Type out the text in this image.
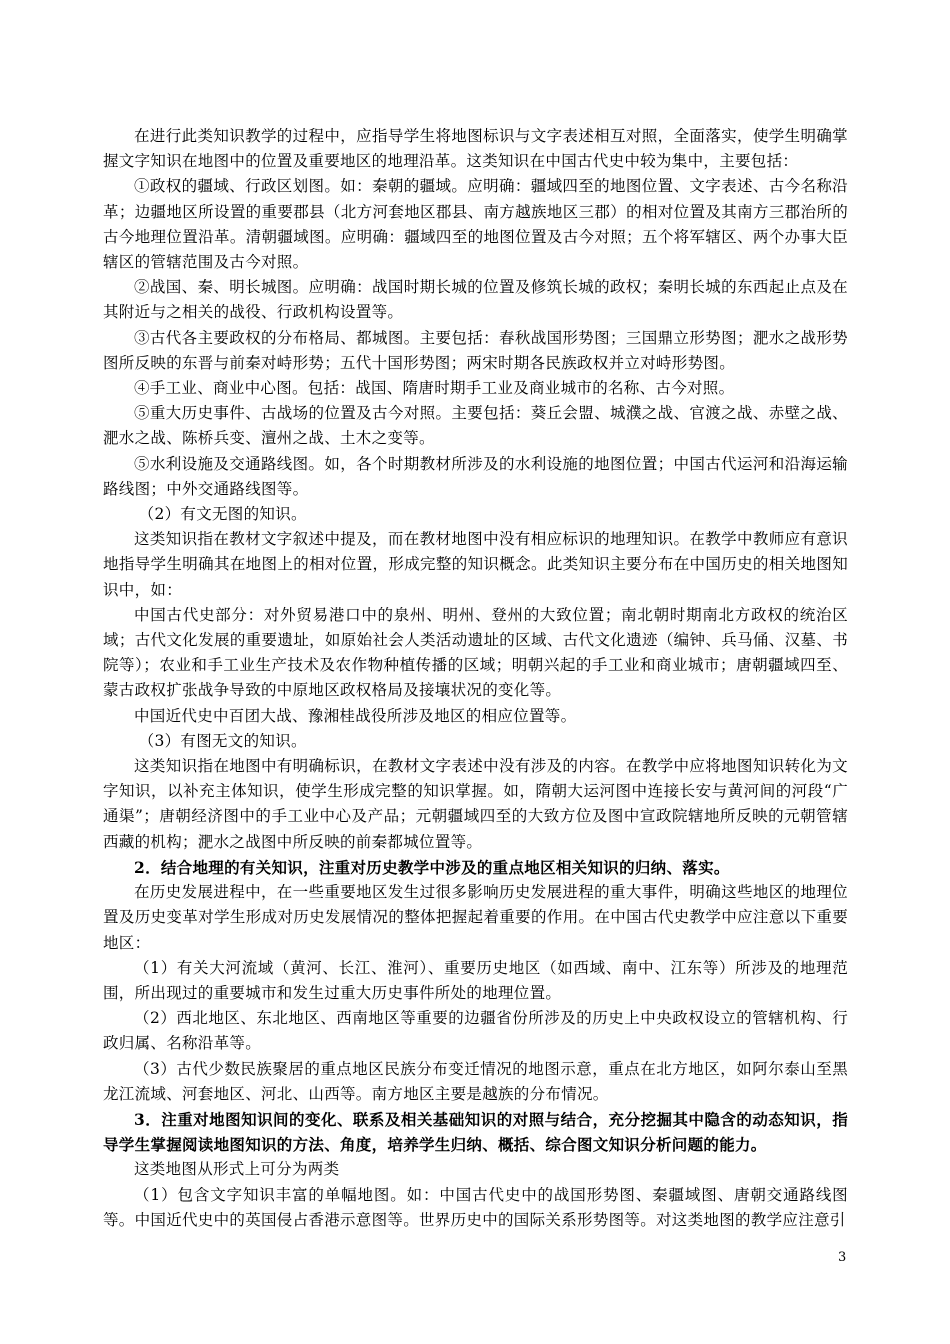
在进行此类知识教学的过程中，应指导学生将地图标识与文字表述相互对照，全面落实，使学生明确掌握文字知识在地图中的位置及重要地区的地理沿革。这类知识在中国古代史中较为集中，主要包括：

①政权的疆域、行政区划图。如：秦朝的疆域。应明确：疆域四至的地图位置、文字表述、古今名称沿革；边疆地区所设置的重要郡县（北方河套地区郡县、南方越族地区三郡）的相对位置及其南方三郡治所的古今地理位置沿革。清朝疆域图。应明确：疆域四至的地图位置及古今对照；五个将军辖区、两个办事大臣辖区的管辖范围及古今对照。

②战国、秦、明长城图。应明确：战国时期长城的位置及修筑长城的政权；秦明长城的东西起止点及在其附近与之相关的战役、行政机构设置等。

③古代各主要政权的分布格局、都城图。主要包括：春秋战国形势图；三国鼎立形势图；淝水之战形势图所反映的东晋与前秦对峙形势；五代十国形势图；两宋时期各民族政权并立对峙形势图。

④手工业、商业中心图。包括：战国、隋唐时期手工业及商业城市的名称、古今对照。

⑤重大历史事件、古战场的位置及古今对照。主要包括：葵丘会盟、城濮之战、官渡之战、赤壁之战、淝水之战、陈桥兵变、澶州之战、土木之变等。

⑤水利设施及交通路线图。如，各个时期教材所涉及的水利设施的地图位置；中国古代运河和沿海运输路线图；中外交通路线图等。

（2）有文无图的知识。

这类知识指在教材文字叙述中提及，而在教材地图中没有相应标识的地理知识。在教学中教师应有意识地指导学生明确其在地图上的相对位置，形成完整的知识概念。此类知识主要分布在中国历史的相关地图知识中，如：

中国古代史部分：对外贸易港口中的泉州、明州、登州的大致位置；南北朝时期南北方政权的统治区域；古代文化发展的重要遗址，如原始社会人类活动遗址的区域、古代文化遗迹（编钟、兵马俑、汉墓、书院等）；农业和手工业生产技术及农作物种植传播的区域；明朝兴起的手工业和商业城市；唐朝疆域四至、蒙古政权扩张战争导致的中原地区政权格局及接壤状况的变化等。

中国近代史中百团大战、豫湘桂战役所涉及地区的相应位置等。

（3）有图无文的知识。

这类知识指在地图中有明确标识，在教材文字表述中没有涉及的内容。在教学中应将地图知识转化为文字知识，以补充主体知识，使学生形成完整的知识掌握。如，隋朝大运河图中连接长安与黄河间的河段“广通渠”；唐朝经济图中的手工业中心及产品；元朝疆域四至的大致方位及图中宣政院辖地所反映的元朝管辖西藏的机构；淝水之战图中所反映的前秦都城位置等。

2．结合地理的有关知识，注重对历史教学中涉及的重点地区相关知识的归纳、落实。

在历史发展进程中，在一些重要地区发生过很多影响历史发展进程的重大事件，明确这些地区的地理位置及历史变革对学生形成对历史发展情况的整体把握起着重要的作用。在中国古代史教学中应注意以下重要地区：

（1）有关大河流域（黄河、长江、淮河）、重要历史地区（如西域、南中、江东等）所涉及的地理范围，所出现过的重要城市和发生过重大历史事件所处的地理位置。

（2）西北地区、东北地区、西南地区等重要的边疆省份所涉及的历史上中央政权设立的管辖机构、行政归属、名称沿革等。

（3）古代少数民族聚居的重点地区民族分布变迁情况的地图示意，重点在北方地区，如阿尔泰山至黑龙江流域、河套地区、河北、山西等。南方地区主要是越族的分布情况。

3．注重对地图知识间的变化、联系及相关基础知识的对照与结合，充分挖掘其中隐含的动态知识，指导学生掌握阅读地图知识的方法、角度，培养学生归纳、概括、综合图文知识分析问题的能力。

这类地图从形式上可分为两类

（1）包含文字知识丰富的单幅地图。如：中国古代史中的战国形势图、秦疆域图、唐朝交通路线图等。中国近代史中的英国侵占香港示意图等。世界历史中的国际关系形势图等。对这类地图的教学应注意引

3
